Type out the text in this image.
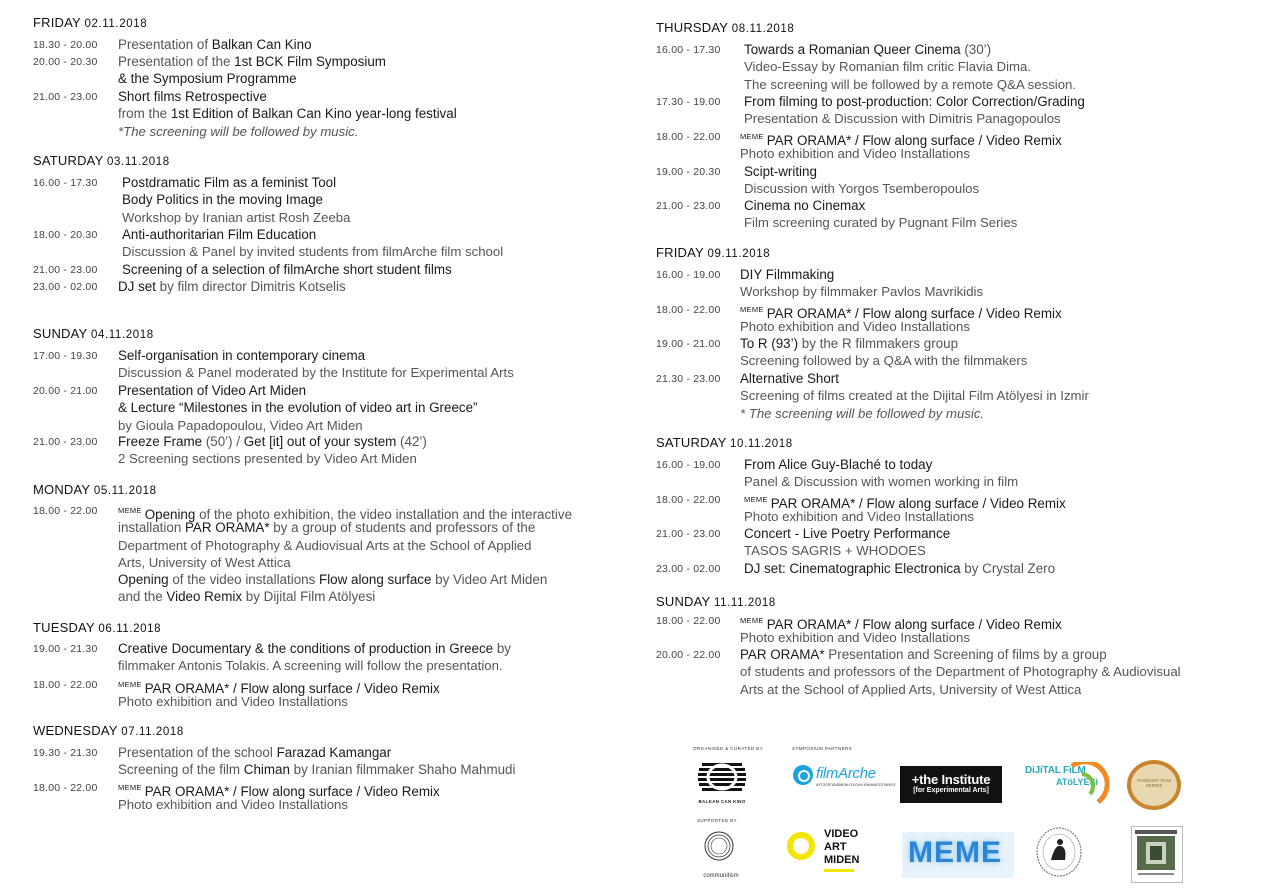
FRIDAY 02.11.2018
18.30 - 20.00 Presentation of Balkan Can Kino
20.00 - 20.30 Presentation of the 1st BCK Film Symposium
& the Symposium Programme
21.00 - 23.00 Short films Retrospective
from the 1st Edition of Balkan Can Kino year-long festival
*The screening will be followed by music.
SATURDAY 03.11.2018
16.00 - 17.30 Postdramatic Film as a feminist Tool
Body Politics in the moving Image
Workshop by Iranian artist Rosh Zeeba
18.00 - 20.30 Anti-authoritarian Film Education
Discussion & Panel by invited students from filmArche film school
21.00 - 23.00 Screening of a selection of filmArche short student films
23.00 - 02.00 DJ set by film director Dimitris Kotselis
SUNDAY 04.11.2018
17.00 - 19.30 Self-organisation in contemporary cinema
Discussion & Panel moderated by the Institute for Experimental Arts
20.00 - 21.00 Presentation of Video Art Miden
& Lecture “Milestones in the evolution of video art in Greece”
by Gioula Papadopoulou, Video Art Miden
21.00 - 23.00 Freeze Frame (50’) / Get [it] out of your system (42’)
2 Screening sections presented by Video Art Miden
MONDAY 05.11.2018
18.00 - 22.00	$^{MEME}$ Opening of the photo exhibition, the video installation and the interactive
installation PAR ORAMA* by a group of students and professors of the
Department of Photography & Audiovisual Arts at the School of Applied
Arts, University of West Attica
Opening of the video installations Flow along surface by Video Art Miden
and the Video Remix by Dijital Film Atölyesi
TUESDAY 06.11.2018
19.00 - 21.30 Creative Documentary & the conditions of production in Greece by
filmmaker Antonis Tolakis. A screening will follow the presentation.
18.00 - 22.00	$^{MEME}$ PAR ORAMA* / Flow along surface / Video Remix
Photo exhibition and Video Installations
WEDNESDAY 07.11.2018
19.30 - 21.30 Presentation of the school Farazad Kamangar
Screening of the film Chiman by Iranian filmmaker Shaho Mahmudi
18.00 - 22.00	$^{MEME}$ PAR ORAMA* / Flow along surface / Video Remix
Photo exhibition and Video Installations
THURSDAY 08.11.2018
16.00 - 17.30 Towards a Romanian Queer Cinema (30’)
Video-Essay by Romanian film critic Flavia Dima.
The screening will be followed by a remote Q&A session.
17.30 - 19.00 From filming to post-production: Color Correction/Grading
Presentation & Discussion with Dimitris Panagopoulos
18.00 - 22.00	$^{MEME}$ PAR ORAMA* / Flow along surface / Video Remix
Photo exhibition and Video Installations
19.00 - 20.30 Scipt-writing
Discussion with Yorgos Tsemberopoulos
21.00 - 23.00 Cinema no Cinemax
Film screening curated by Pugnant Film Series
FRIDAY 09.11.2018
16.00 - 19.00 DIY Filmmaking
Workshop by filmmaker Pavlos Mavrikidis
18.00 - 22.00	$^{MEME}$ PAR ORAMA* / Flow along surface / Video Remix
Photo exhibition and Video Installations
19.00 - 21.00 To R (93’) by the R filmmakers group
Screening followed by a Q&A with the filmmakers
21.30 - 23.00 Alternative Short
Screening of films created at the Dijital Film Atölyesi in Izmir
* The screening will be followed by music.
SATURDAY 10.11.2018
16.00 - 19.00 From Alice Guy-Blaché to today
Panel & Discussion with women working in film
18.00 - 22.00	$^{MEME}$ PAR ORAMA* / Flow along surface / Video Remix
Photo exhibition and Video Installations
21.00 - 23.00 Concert - Live Poetry Performance
TASOS SAGRIS + WHODOES
23.00 - 02.00 DJ set: Cinematographic Electronica by Crystal Zero
SUNDAY 11.11.2018
18.00 - 22.00	$^{MEME}$ PAR ORAMA* / Flow along surface / Video Remix
Photo exhibition and Video Installations
20.00 - 22.00 PAR ORAMA* Presentation and Screening of films by a group
of students and professors of the Department of Photography & Audiovisual
Arts at the School of Applied Arts, University of West Attica
ORGANISED & CURATED BY	SYMPOSIUM PARTNERS
SUPPORTED BY
BALKAN CAN KINO
filmArche
ΑΥΤΟΟΡΓΑΝΩΜΕΝΗ ΣΧΟΛΗ ΚΙΝΗΜΑΤΟΓΡΑΦΟΥ	+the Institute
[for Experimental Arts]
DiJiTAL FiLM
ATöLYESi	PUGNANT FILM SERIES
communitism
VIDEO
ART
MIDEN MEME
